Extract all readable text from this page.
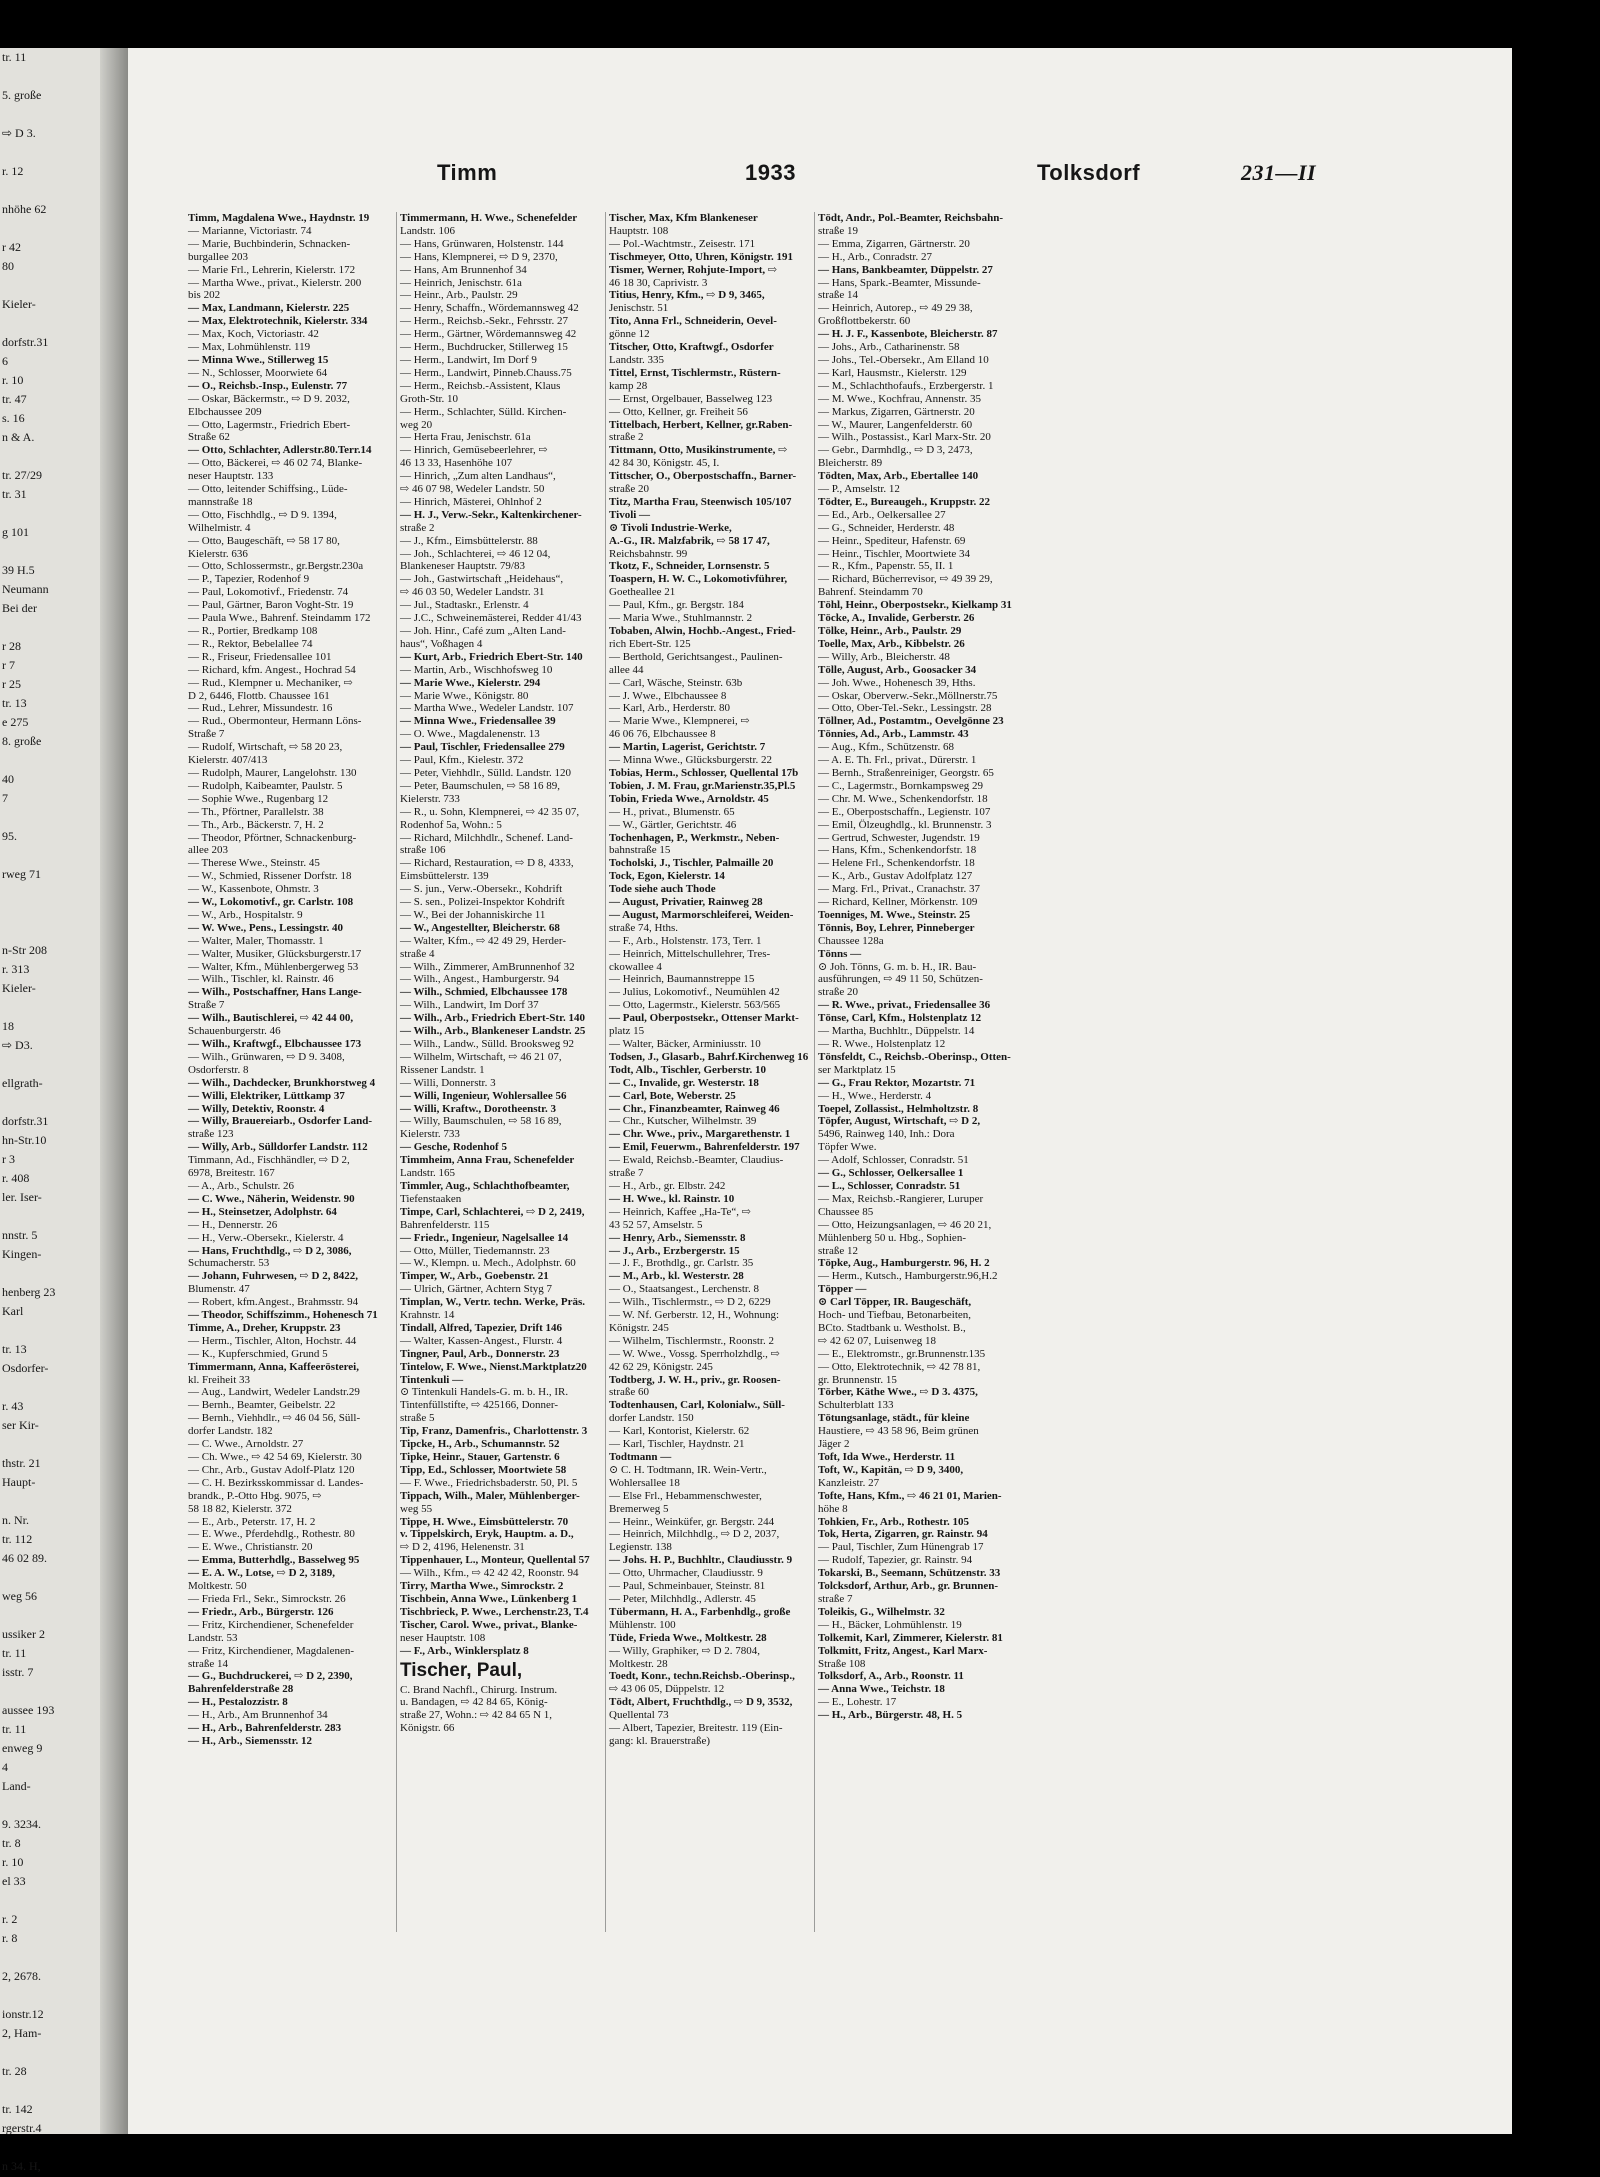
tr. 11

5. große

⇨ D 3.

r. 12

nhöhe 62

r 42
80

Kieler-

dorfstr.31
6
r. 10
tr. 47
s. 16
n & A.

tr. 27/29
tr. 31

g 101

39 H.5
Neumann
Bei der

r 28
r 7
r 25
tr. 13
e 275
8. große

40
7

95.

rweg 71

n-Str 208
r. 313
Kieler-

18
⇨ D3.

ellgrath-

dorfstr.31
hn-Str.10
r 3
r. 408
ler. Iser-

nnstr. 5
Kingen-

henberg 23
Karl

tr. 13
Osdorfer-

r. 43
ser Kir-

thstr. 21
Haupt-

n. Nr.
tr. 112
46 02 89.

weg 56

ussiker 2
tr. 11
isstr. 7

aussee 193
tr. 11
enweg 9
4
Land-

9. 3234.
tr. 8
r. 10
el 33

r. 2
r. 8

2, 2678.

ionstr.12
2, Ham-

tr. 28

tr. 142
rgerstr.4

n 34. H,
Timm	1933	Tolksdorf	231—II
Timm, Magdalena Wwe., Haydnstr. 19
— Marianne, Victoriastr. 74
— Marie, Buchbinderin, Schnacken-
burgallee 203
— Marie Frl., Lehrerin, Kielerstr. 172
— Martha Wwe., privat., Kielerstr. 200
bis 202
— Max, Landmann, Kielerstr. 225
— Max, Elektrotechnik, Kielerstr. 334
— Max, Koch, Victoriastr. 42
— Max, Lohmühlenstr. 119
— Minna Wwe., Stillerweg 15
— N., Schlosser, Moorwiete 64
— O., Reichsb.-Insp., Eulenstr. 77
— Oskar, Bäckermstr., ⇨ D 9. 2032,
Elbchaussee 209
— Otto, Lagermstr., Friedrich Ebert-
Straße 62
— Otto, Schlachter, Adlerstr.80.Terr.14
— Otto, Bäckerei, ⇨ 46 02 74, Blanke-
neser Hauptstr. 133
— Otto, leitender Schiffsing., Lüde-
mannstraße 18
— Otto, Fischhdlg., ⇨ D 9. 1394,
Wilhelmistr. 4
— Otto, Baugeschäft, ⇨ 58 17 80,
Kielerstr. 636
— Otto, Schlossermstr., gr.Bergstr.230a
— P., Tapezier, Rodenhof 9
— Paul, Lokomotivf., Friedenstr. 74
— Paul, Gärtner, Baron Voght-Str. 19
— Paula Wwe., Bahrenf. Steindamm 172
— R., Portier, Bredkamp 108
— R., Rektor, Bebelallee 74
— R., Friseur, Friedensallee 101
— Richard, kfm. Angest., Hochrad 54
— Rud., Klempner u. Mechaniker, ⇨
D 2, 6446, Flottb. Chaussee 161
— Rud., Lehrer, Missundestr. 16
— Rud., Obermonteur, Hermann Löns-
Straße 7
— Rudolf, Wirtschaft, ⇨ 58 20 23,
Kielerstr. 407/413
— Rudolph, Maurer, Langelohstr. 130
— Rudolph, Kaibeamter, Paulstr. 5
— Sophie Wwe., Rugenbarg 12
— Th., Pförtner, Parallelstr. 38
— Th., Arb., Bäckerstr. 7, H. 2
— Theodor, Pförtner, Schnackenburg-
allee 203
— Therese Wwe., Steinstr. 45
— W., Schmied, Rissener Dorfstr. 18
— W., Kassenbote, Ohmstr. 3
— W., Lokomotivf., gr. Carlstr. 108
— W., Arb., Hospitalstr. 9
— W. Wwe., Pens., Lessingstr. 40
— Walter, Maler, Thomasstr. 1
— Walter, Musiker, Glücksburgerstr.17
— Walter, Kfm., Mühlenbergerweg 53
— Wilh., Tischler, kl. Rainstr. 46
— Wilh., Postschaffner, Hans Lange-
Straße 7
— Wilh., Bautischlerei, ⇨ 42 44 00,
Schauenburgerstr. 46
— Wilh., Kraftwgf., Elbchaussee 173
— Wilh., Grünwaren, ⇨ D 9. 3408,
Osdorferstr. 8
— Wilh., Dachdecker, Brunkhorstweg 4
— Willi, Elektriker, Lüttkamp 37
— Willy, Detektiv, Roonstr. 4
— Willy, Brauereiarb., Osdorfer Land-
straße 123
— Willy, Arb., Sülldorfer Landstr. 112
Timmann, Ad., Fischhändler, ⇨ D 2,
6978, Breitestr. 167
— A., Arb., Schulstr. 26
— C. Wwe., Näherin, Weidenstr. 90
— H., Steinsetzer, Adolphstr. 64
— H., Dennerstr. 26
— H., Verw.-Obersekr., Kielerstr. 4
— Hans, Fruchthdlg., ⇨ D 2, 3086,
Schumacherstr. 53
— Johann, Fuhrwesen, ⇨ D 2, 8422,
Blumenstr. 47
— Robert, kfm.Angest., Brahmsstr. 94
— Theodor, Schiffszimm., Hohenesch 71
Timme, A., Dreher, Kruppstr. 23
— Herm., Tischler, Alton, Hochstr. 44
— K., Kupferschmied, Grund 5
Timmermann, Anna, Kaffeerösterei,
kl. Freiheit 33
— Aug., Landwirt, Wedeler Landstr.29
— Bernh., Beamter, Geibelstr. 22
— Bernh., Viehhdlr., ⇨ 46 04 56, Süll-
dorfer Landstr. 182
— C. Wwe., Arnoldstr. 27
— Ch. Wwe., ⇨ 42 54 69, Kielerstr. 30
— Chr., Arb., Gustav Adolf-Platz 120
— C. H. Bezirksskommissar d. Landes-
brandk., P.-Otto Hbg. 9075, ⇨
58 18 82, Kielerstr. 372
— E., Arb., Peterstr. 17, H. 2
— E. Wwe., Pferdehdlg., Rothestr. 80
— E. Wwe., Christianstr. 20
— Emma, Butterhdlg., Basselweg 95
— E. A. W., Lotse, ⇨ D 2, 3189,
Moltkestr. 50
— Frieda Frl., Sekr., Simrockstr. 26
— Friedr., Arb., Bürgerstr. 126
— Fritz, Kirchendiener, Schenefelder
Landstr. 53
— Fritz, Kirchendiener, Magdalenen-
straße 14
— G., Buchdruckerei, ⇨ D 2, 2390,
Bahrenfelderstraße 28
— H., Pestalozzistr. 8
— H., Arb., Am Brunnenhof 34
— H., Arb., Bahrenfelderstr. 283
— H., Arb., Siemensstr. 12
Timmermann, H. Wwe., Schenefelder
Landstr. 106
— Hans, Grünwaren, Holstenstr. 144
— Hans, Klempnerei, ⇨ D 9, 2370,
— Hans, Am Brunnenhof 34
— Heinrich, Jenischstr. 61a
— Heinr., Arb., Paulstr. 29
— Henry, Schaffn., Wördemannsweg 42
— Herm., Reichsb.-Sekr., Fehrsstr. 27
— Herm., Gärtner, Wördemannsweg 42
— Herm., Buchdrucker, Stillerweg 15
— Herm., Landwirt, Im Dorf 9
— Herm., Landwirt, Pinneb.Chauss.75
— Herm., Reichsb.-Assistent, Klaus
Groth-Str. 10
— Herm., Schlachter, Sülld. Kirchen-
weg 20
— Herta Frau, Jenischstr. 61a
— Hinrich, Gemüsebeerlehrer, ⇨
46 13 33, Hasenhöhe 107
— Hinrich, „Zum alten Landhaus“,
⇨ 46 07 98, Wedeler Landstr. 50
— Hinrich, Mästerei, Ohlnhof 2
— H. J., Verw.-Sekr., Kaltenkirchener-
straße 2
— J., Kfm., Eimsbüttelerstr. 88
— Joh., Schlachterei, ⇨ 46 12 04,
Blankeneser Hauptstr. 79/83
— Joh., Gastwirtschaft „Heidehaus“,
⇨ 46 03 50, Wedeler Landstr. 31
— Jul., Stadtaskr., Erlenstr. 4
— J.C., Schweinemästerei, Redder 41/43
— Joh. Hinr., Café zum „Alten Land-
haus“, Voßhagen 4
— Kurt, Arb., Friedrich Ebert-Str. 140
— Martin, Arb., Wischhofsweg 10
— Marie Wwe., Kielerstr. 294
— Marie Wwe., Königstr. 80
— Martha Wwe., Wedeler Landstr. 107
— Minna Wwe., Friedensallee 39
— O. Wwe., Magdalenenstr. 13
— Paul, Tischler, Friedensallee 279
— Paul, Kfm., Kielestr. 372
— Peter, Viehhdlr., Sülld. Landstr. 120
— Peter, Baumschulen, ⇨ 58 16 89,
Kielerstr. 733
— R., u. Sohn, Klempnerei, ⇨ 42 35 07,
Rodenhof 5a, Wohn.: 5
— Richard, Milchhdlr., Schenef. Land-
straße 106
— Richard, Restauration, ⇨ D 8, 4333,
Eimsbüttelerstr. 139
— S. jun., Verw.-Obersekr., Kohdrift
— S. sen., Polizei-Inspektor Kohdrift
— W., Bei der Johanniskirche 11
— W., Angestellter, Bleicherstr. 68
— Walter, Kfm., ⇨ 42 49 29, Herder-
straße 4
— Wilh., Zimmerer, AmBrunnenhof 32
— Wilh., Angest., Hamburgerstr. 94
— Wilh., Schmied, Elbchaussee 178
— Wilh., Landwirt, Im Dorf 37
— Wilh., Arb., Friedrich Ebert-Str. 140
— Wilh., Arb., Blankeneser Landstr. 25
— Wilh., Landw., Sülld. Brooksweg 92
— Wilhelm, Wirtschaft, ⇨ 46 21 07,
Rissener Landstr. 1
— Willi, Donnerstr. 3
— Willi, Ingenieur, Wohlersallee 56
— Willi, Kraftw., Dorotheenstr. 3
— Willy, Baumschulen, ⇨ 58 16 89,
Kielerstr. 733
— Gesche, Rodenhof 5
Timmheim, Anna Frau, Schenefelder
Landstr. 165
Timmler, Aug., Schlachthofbeamter,
Tiefenstaaken
Timpe, Carl, Schlachterei, ⇨ D 2, 2419,
Bahrenfelderstr. 115
— Friedr., Ingenieur, Nagelsallee 14
— Otto, Müller, Tiedemannstr. 23
— W., Klempn. u. Mech., Adolphstr. 60
Timper, W., Arb., Goebenstr. 21
— Ulrich, Gärtner, Achtern Styg 7
Timplan, W., Vertr. techn. Werke, Präs.
Krahnstr. 14
Tindall, Alfred, Tapezier, Drift 146
— Walter, Kassen-Angest., Flurstr. 4
Tingner, Paul, Arb., Donnerstr. 23
Tintelow, F. Wwe., Nienst.Marktplatz20
Tintenkuli —
⊙ Tintenkuli Handels-G. m. b. H., IR.
Tintenfüllstifte, ⇨ 425166, Donner-
straße 5
Tip, Franz, Damenfris., Charlottenstr. 3
Tipcke, H., Arb., Schumannstr. 52
Tipke, Heinr., Stauer, Gartenstr. 6
Tipp, Ed., Schlosser, Moortwiete 58
— F. Wwe., Friedrichsbaderstr. 50, Pl. 5
Tippach, Wilh., Maler, Mühlenberger-
weg 55
Tippe, H. Wwe., Eimsbüttelerstr. 70
v. Tippelskirch, Eryk, Hauptm. a. D.,
⇨ D 2, 4196, Helenenstr. 31
Tippenhauer, L., Monteur, Quellental 57
— Wilh., Kfm., ⇨ 42 42 42, Roonstr. 94
Tirry, Martha Wwe., Simrockstr. 2
Tischbein, Anna Wwe., Lünkenberg 1
Tischbrieck, P. Wwe., Lerchenstr.23, T.4
Tischer, Carol. Wwe., privat., Blanke-
neser Hauptstr. 108
— F., Arb., Winklersplatz 8
Tischer, Paul,
C. Brand Nachfl., Chirurg. Instrum.
u. Bandagen, ⇨ 42 84 65, König-
straße 27, Wohn.: ⇨ 42 84 65 N 1,
Königstr. 66
Tischer, Max, Kfm Blankeneser
Hauptstr. 108
— Pol.-Wachtmstr., Zeisestr. 171
Tischmeyer, Otto, Uhren, Königstr. 191
Tismer, Werner, Rohjute-Import, ⇨
46 18 30, Caprivistr. 3
Titius, Henry, Kfm., ⇨ D 9, 3465,
Jenischstr. 51
Tito, Anna Frl., Schneiderin, Oevel-
gönne 12
Titscher, Otto, Kraftwgf., Osdorfer
Landstr. 335
Tittel, Ernst, Tischlermstr., Rüstern-
kamp 28
— Ernst, Orgelbauer, Basselweg 123
— Otto, Kellner, gr. Freiheit 56
Tittelbach, Herbert, Kellner, gr.Raben-
straße 2
Tittmann, Otto, Musikinstrumente, ⇨
42 84 30, Königstr. 45, I.
Tittscher, O., Oberpostschaffn., Barner-
straße 20
Titz, Martha Frau, Steenwisch 105/107
Tivoli —
⊙ Tivoli Industrie-Werke,
A.-G., IR. Malzfabrik, ⇨ 58 17 47,
Reichsbahnstr. 99
Tkotz, F., Schneider, Lornsenstr. 5
Toaspern, H. W. C., Lokomotivführer,
Goetheallee 21
— Paul, Kfm., gr. Bergstr. 184
— Maria Wwe., Stuhlmannstr. 2
Tobaben, Alwin, Hochb.-Angest., Fried-
rich Ebert-Str. 125
— Berthold, Gerichtsangest., Paulinen-
allee 44
— Carl, Wäsche, Steinstr. 63b
— J. Wwe., Elbchaussee 8
— Karl, Arb., Herderstr. 80
— Marie Wwe., Klempnerei, ⇨
46 06 76, Elbchaussee 8
— Martin, Lagerist, Gerichtstr. 7
— Minna Wwe., Glücksburgerstr. 22
Tobias, Herm., Schlosser, Quellental 17b
Tobien, J. M. Frau, gr.Marienstr.35,Pl.5
Tobin, Frieda Wwe., Arnoldstr. 45
— H., privat., Blumenstr. 65
— W., Gärtler, Gerichtstr. 46
Tochenhagen, P., Werkmstr., Neben-
bahnstraße 15
Tocholski, J., Tischler, Palmaille 20
Tock, Egon, Kielerstr. 14
Tode siehe auch Thode
— August, Privatier, Rainweg 28
— August, Marmorschleiferei, Weiden-
straße 74, Hths.
— F., Arb., Holstenstr. 173, Terr. 1
— Heinrich, Mittelschullehrer, Tres-
ckowallee 4
— Heinrich, Baumannstreppe 15
— Julius, Lokomotivf., Neumühlen 42
— Otto, Lagermstr., Kielerstr. 563/565
— Paul, Oberpostsekr., Ottenser Markt-
platz 15
— Walter, Bäcker, Arminiusstr. 10
Todsen, J., Glasarb., Bahrf.Kirchenweg 16
Todt, Alb., Tischler, Gerberstr. 10
— C., Invalide, gr. Westerstr. 18
— Carl, Bote, Weberstr. 25
— Chr., Finanzbeamter, Rainweg 46
— Chr., Kutscher, Wilhelmstr. 39
— Chr. Wwe., priv., Margarethenstr. 1
— Emil, Feuerwm., Bahrenfelderstr. 197
— Ewald, Reichsb.-Beamter, Claudius-
straße 7
— H., Arb., gr. Elbstr. 242
— H. Wwe., kl. Rainstr. 10
— Heinrich, Kaffee „Ha-Te“, ⇨
43 52 57, Amselstr. 5
— Henry, Arb., Siemensstr. 8
— J., Arb., Erzbergerstr. 15
— J. F., Brothdlg., gr. Carlstr. 35
— M., Arb., kl. Westerstr. 28
— O., Staatsangest., Lerchenstr. 8
— Wilh., Tischlermstr., ⇨ D 2, 6229
— W. Nf. Gerberstr. 12, H., Wohnung:
Königstr. 245
— Wilhelm, Tischlermstr., Roonstr. 2
— W. Wwe., Vossg. Sperrholzhdlg., ⇨
42 62 29, Königstr. 245
Todtberg, J. W. H., priv., gr. Roosen-
straße 60
Todtenhausen, Carl, Kolonialw., Süll-
dorfer Landstr. 150
— Karl, Kontorist, Kielerstr. 62
— Karl, Tischler, Haydnstr. 21
Todtmann —
⊙ C. H. Todtmann, IR. Wein-Vertr.,
Wohlersallee 18
— Else Frl., Hebammenschwester,
Bremerweg 5
— Heinr., Weinküfer, gr. Bergstr. 244
— Heinrich, Milchhdlg., ⇨ D 2, 2037,
Legienstr. 138
— Johs. H. P., Buchhltr., Claudiusstr. 9
— Otto, Uhrmacher, Claudiusstr. 9
— Paul, Schmeinbauer, Steinstr. 81
— Peter, Milchhdlg., Adlerstr. 45
Tübermann, H. A., Farbenhdlg., große
Mühlenstr. 100
Tüde, Frieda Wwe., Moltkestr. 28
— Willy, Graphiker, ⇨ D 2. 7804,
Moltkestr. 28
Toedt, Konr., techn.Reichsb.-Oberinsp.,
⇨ 43 06 05, Düppelstr. 12
Tödt, Albert, Fruchthdlg., ⇨ D 9, 3532,
Quellental 73
— Albert, Tapezier, Breitestr. 119 (Ein-
gang: kl. Brauerstraße)
Tödt, Andr., Pol.-Beamter, Reichsbahn-
straße 19
— Emma, Zigarren, Gärtnerstr. 20
— H., Arb., Conradstr. 27
— Hans, Bankbeamter, Düppelstr. 27
— Hans, Spark.-Beamter, Missunde-
straße 14
— Heinrich, Autorep., ⇨ 49 29 38,
Großflottbekerstr. 60
— H. J. F., Kassenbote, Bleicherstr. 87
— Johs., Arb., Catharinenstr. 58
— Johs., Tel.-Obersekr., Am Elland 10
— Karl, Hausmstr., Kielerstr. 129
— M., Schlachthofaufs., Erzbergerstr. 1
— M. Wwe., Kochfrau, Annenstr. 35
— Markus, Zigarren, Gärtnerstr. 20
— W., Maurer, Langenfelderstr. 60
— Wilh., Postassist., Karl Marx-Str. 20
— Gebr., Darmhdlg., ⇨ D 3, 2473,
Bleicherstr. 89
Tödten, Max, Arb., Ebertallee 140
— P., Amselstr. 12
Tödter, E., Bureaugeh., Kruppstr. 22
— Ed., Arb., Oelkersallee 27
— G., Schneider, Herderstr. 48
— Heinr., Spediteur, Hafenstr. 69
— Heinr., Tischler, Moortwiete 34
— R., Kfm., Papenstr. 55, II. 1
— Richard, Bücherrevisor, ⇨ 49 39 29,
Bahrenf. Steindamm 70
Töhl, Heinr., Oberpostsekr., Kielkamp 31
Töcke, A., Invalide, Gerberstr. 26
Tölke, Heinr., Arb., Paulstr. 29
Toelle, Max, Arb., Kibbelstr. 26
— Willy, Arb., Bleicherstr. 48
Tölle, August, Arb., Goosacker 34
— Joh. Wwe., Hohenesch 39, Hths.
— Oskar, Oberverw.-Sekr.,Möllnerstr.75
— Otto, Ober-Tel.-Sekr., Lessingstr. 28
Töllner, Ad., Postamtm., Oevelgönne 23
Tönnies, Ad., Arb., Lammstr. 43
— Aug., Kfm., Schützenstr. 68
— A. E. Th. Frl., privat., Dürerstr. 1
— Bernh., Straßenreiniger, Georgstr. 65
— C., Lagermstr., Bornkampsweg 29
— Chr. M. Wwe., Schenkendorfstr. 18
— E., Oberpostschaffn., Legienstr. 107
— Emil, Ölzeughdlg., kl. Brunnenstr. 3
— Gertrud, Schwester, Jugendstr. 19
— Hans, Kfm., Schenkendorfstr. 18
— Helene Frl., Schenkendorfstr. 18
— K., Arb., Gustav Adolfplatz 127
— Marg. Frl., Privat., Cranachstr. 37
— Richard, Kellner, Mörkenstr. 109
Toenniges, M. Wwe., Steinstr. 25
Tönnis, Boy, Lehrer, Pinneberger
Chaussee 128a
Tönns —
⊙ Joh. Tönns, G. m. b. H., IR. Bau-
ausführungen, ⇨ 49 11 50, Schützen-
straße 20
— R. Wwe., privat., Friedensallee 36
Tönse, Carl, Kfm., Holstenplatz 12
— Martha, Buchhltr., Düppelstr. 14
— R. Wwe., Holstenplatz 12
Tönsfeldt, C., Reichsb.-Oberinsp., Otten-
ser Marktplatz 15
— G., Frau Rektor, Mozartstr. 71
— H., Wwe., Herderstr. 4
Toepel, Zollassist., Helmholtzstr. 8
Töpfer, August, Wirtschaft, ⇨ D 2,
5496, Rainweg 140, Inh.: Dora
Töpfer Wwe.
— Adolf, Schlosser, Conradstr. 51
— G., Schlosser, Oelkersallee 1
— L., Schlosser, Conradstr. 51
— Max, Reichsb.-Rangierer, Luruper
Chaussee 85
— Otto, Heizungsanlagen, ⇨ 46 20 21,
Mühlenberg 50 u. Hbg., Sophien-
straße 12
Töpke, Aug., Hamburgerstr. 96, H. 2
— Herm., Kutsch., Hamburgerstr.96,H.2
Töpper —
⊙ Carl Töpper, IR. Baugeschäft,
Hoch- und Tiefbau, Betonarbeiten,
BCto. Stadtbank u. Westholst. B.,
⇨ 42 62 07, Luisenweg 18
— E., Elektromstr., gr.Brunnenstr.135
— Otto, Elektrotechnik, ⇨ 42 78 81,
gr. Brunnenstr. 15
Törber, Käthe Wwe., ⇨ D 3. 4375,
Schulterblatt 133
Tötungsanlage, städt., für kleine
Haustiere, ⇨ 43 58 96, Beim grünen
Jäger 2
Toft, Ida Wwe., Herderstr. 11
Toft, W., Kapitän, ⇨ D 9, 3400,
Kanzleistr. 27
Tofte, Hans, Kfm., ⇨ 46 21 01, Marien-
höhe 8
Tohkien, Fr., Arb., Rothestr. 105
Tok, Herta, Zigarren, gr. Rainstr. 94
— Paul, Tischler, Zum Hünengrab 17
— Rudolf, Tapezier, gr. Rainstr. 94
Tokarski, B., Seemann, Schützenstr. 33
Tolcksdorf, Arthur, Arb., gr. Brunnen-
straße 7
Toleikis, G., Wilhelmstr. 32
— H., Bäcker, Lohmühlenstr. 19
Tolkemit, Karl, Zimmerer, Kielerstr. 81
Tolkmitt, Fritz, Angest., Karl Marx-
Straße 108
Tolksdorf, A., Arb., Roonstr. 11
— Anna Wwe., Teichstr. 18
— E., Lohestr. 17
— H., Arb., Bürgerstr. 48, H. 5
